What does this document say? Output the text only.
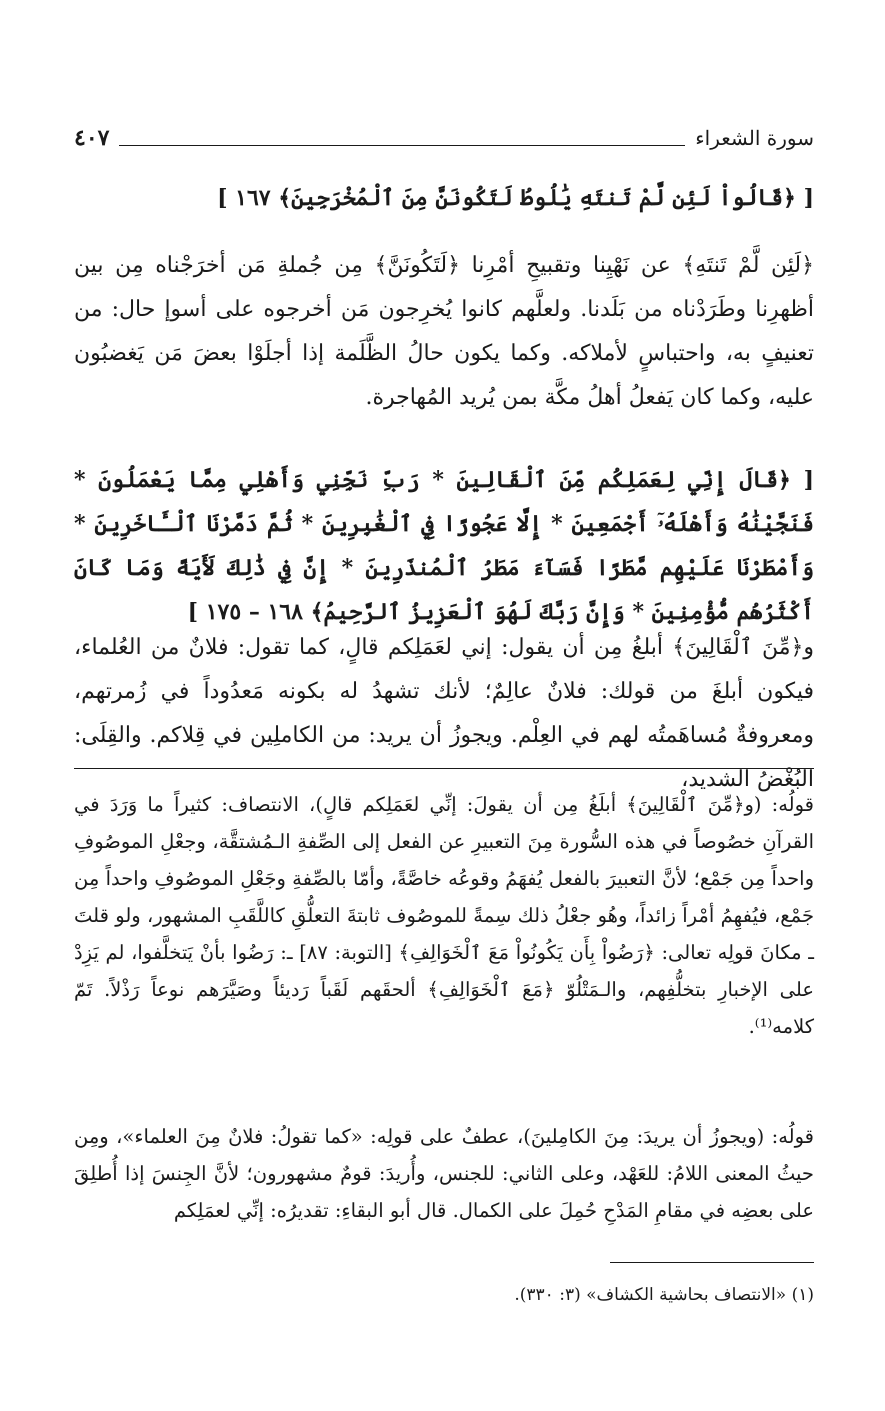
سورة الشعراء
٤٠٧

[ ﴿قَالُواْ لَئِن لَّمْ تَنتَهِ يَٰلُوطُ لَتَكُونَنَّ مِنَ ٱلْمُخْرَجِينَ﴾ ١٦٧ ]

﴿لَئِن لَّمْ تَنتَهِ﴾ عن نَهْيِنا وتقبيحِ أمْرِنا ﴿لَتَكُونَنَّ﴾ مِن جُملةِ مَن أخرَجْناه مِن بين أظهرِنا وطَرَدْناه من بَلَدنا. ولعلَّهم كانوا يُخرِجون مَن أخرجوه على أسوإ حال: من تعنيفٍ به، واحتباسٍ لأملاكه. وكما يكون حالُ الظَّلَمة إذا أجلَوْا بعضَ مَن يَغضبُون عليه، وكما كان يَفعلُ أهلُ مكَّة بمن يُريد المُهاجرة.

[ ﴿قَالَ إِنِّي لِعَمَلِكُم مِّنَ ٱلْقَالِينَ * رَبِّ نَجِّنِي وَأَهْلِي مِمَّا يَعْمَلُونَ * فَنَجَّيْنَٰهُ وَأَهْلَهُۥٓ أَجْمَعِينَ * إِلَّا عَجُوزًا فِي ٱلْغَٰبِرِينَ * ثُمَّ دَمَّرْنَا ٱلْـَٔاخَرِينَ * وَأَمْطَرْنَا عَلَيْهِم مَّطَرًا فَسَآءَ مَطَرُ ٱلْمُنذَرِينَ * إِنَّ فِي ذَٰلِكَ لَأَيَةً وَمَا كَانَ أَكْثَرُهُم مُّؤْمِنِينَ * وَإِنَّ رَبَّكَ لَهُوَ ٱلْعَزِيزُ ٱلرَّحِيمُ﴾ ١٦٨ – ١٧٥ ]

و﴿مِّنَ ٱلْقَالِينَ﴾ أبلغُ مِن أن يقول: إني لعَمَلِكم قالٍ، كما تقول: فلانٌ من العُلماء، فيكون أبلغَ من قولك: فلانٌ عالِمٌ؛ لأنك تشهدُ له بكونه مَعدُوداً في زُمرتهم، ومعروفةٌ مُساهَمتُه لهم في العِلْم. ويجوزُ أن يريد: من الكاملِين في قِلاكم. والقِلَى: البُغْضُ الشديد،

قولُه: (و﴿مِّنَ ٱلْقَالِينَ﴾ أبلَغُ مِن أن يقولَ: إنِّي لعَمَلِكم قالٍ)، الانتصاف: كثيراً ما وَرَدَ في القرآنِ خصُوصاً في هذه السُّورة مِنَ التعبيرِ عن الفعل إلى الصِّفةِ الـمُشتقَّة، وجعْلِ الموصُوفِ واحداً مِن جَمْع؛ لأنَّ التعبيرَ بالفعل يُفهَمُ وقوعُه خاصَّةً، وأمّا بالصِّفةِ وجَعْلِ الموصُوفِ واحداً مِن جَمْع، فيُفهِمُ أمْراً زائداً، وهُو جعْلُ ذلك سِمةً للموصُوف ثابتةَ التعلُّقِ كاللَّقَبِ المشهور، ولو قلتَ ـ مكانَ قولِه تعالى: ﴿رَضُواْ بِأَن يَكُونُواْ مَعَ ٱلْخَوَالِفِ﴾ [التوبة: ٨٧] ـ: رَضُوا بأنْ يَتخلَّفوا، لم يَزِدْ على الإخبارِ بتخلُّفِهم، والـمَتْلُوّ ﴿مَعَ ٱلْخَوَالِفِ﴾ ألحقَهم لَقَباً رَديئاً وصَيَّرَهم نوعاً رَذْلاً. تَمّ كلامه⁽¹⁾.

قولُه: (ويجوزُ أن يريدَ: مِنَ الكامِلينَ)، عطفٌ على قولِه: «كما تقولُ: فلانٌ مِنَ العلماء»، ومِن حيثُ المعنى اللامُ: للعَهْد، وعلى الثاني: للجنس، وأُريدَ: قومٌ مشهورون؛ لأنَّ الجِنسَ إذا أُطلِقَ على بعضِه في مقامِ المَدْحِ حُمِلَ على الكمال. قال أبو البقاءِ: تقديرُه: إنِّي لعمَلِكم

(١) «الانتصاف بحاشية الكشاف» (٣: ٣٣٠).
